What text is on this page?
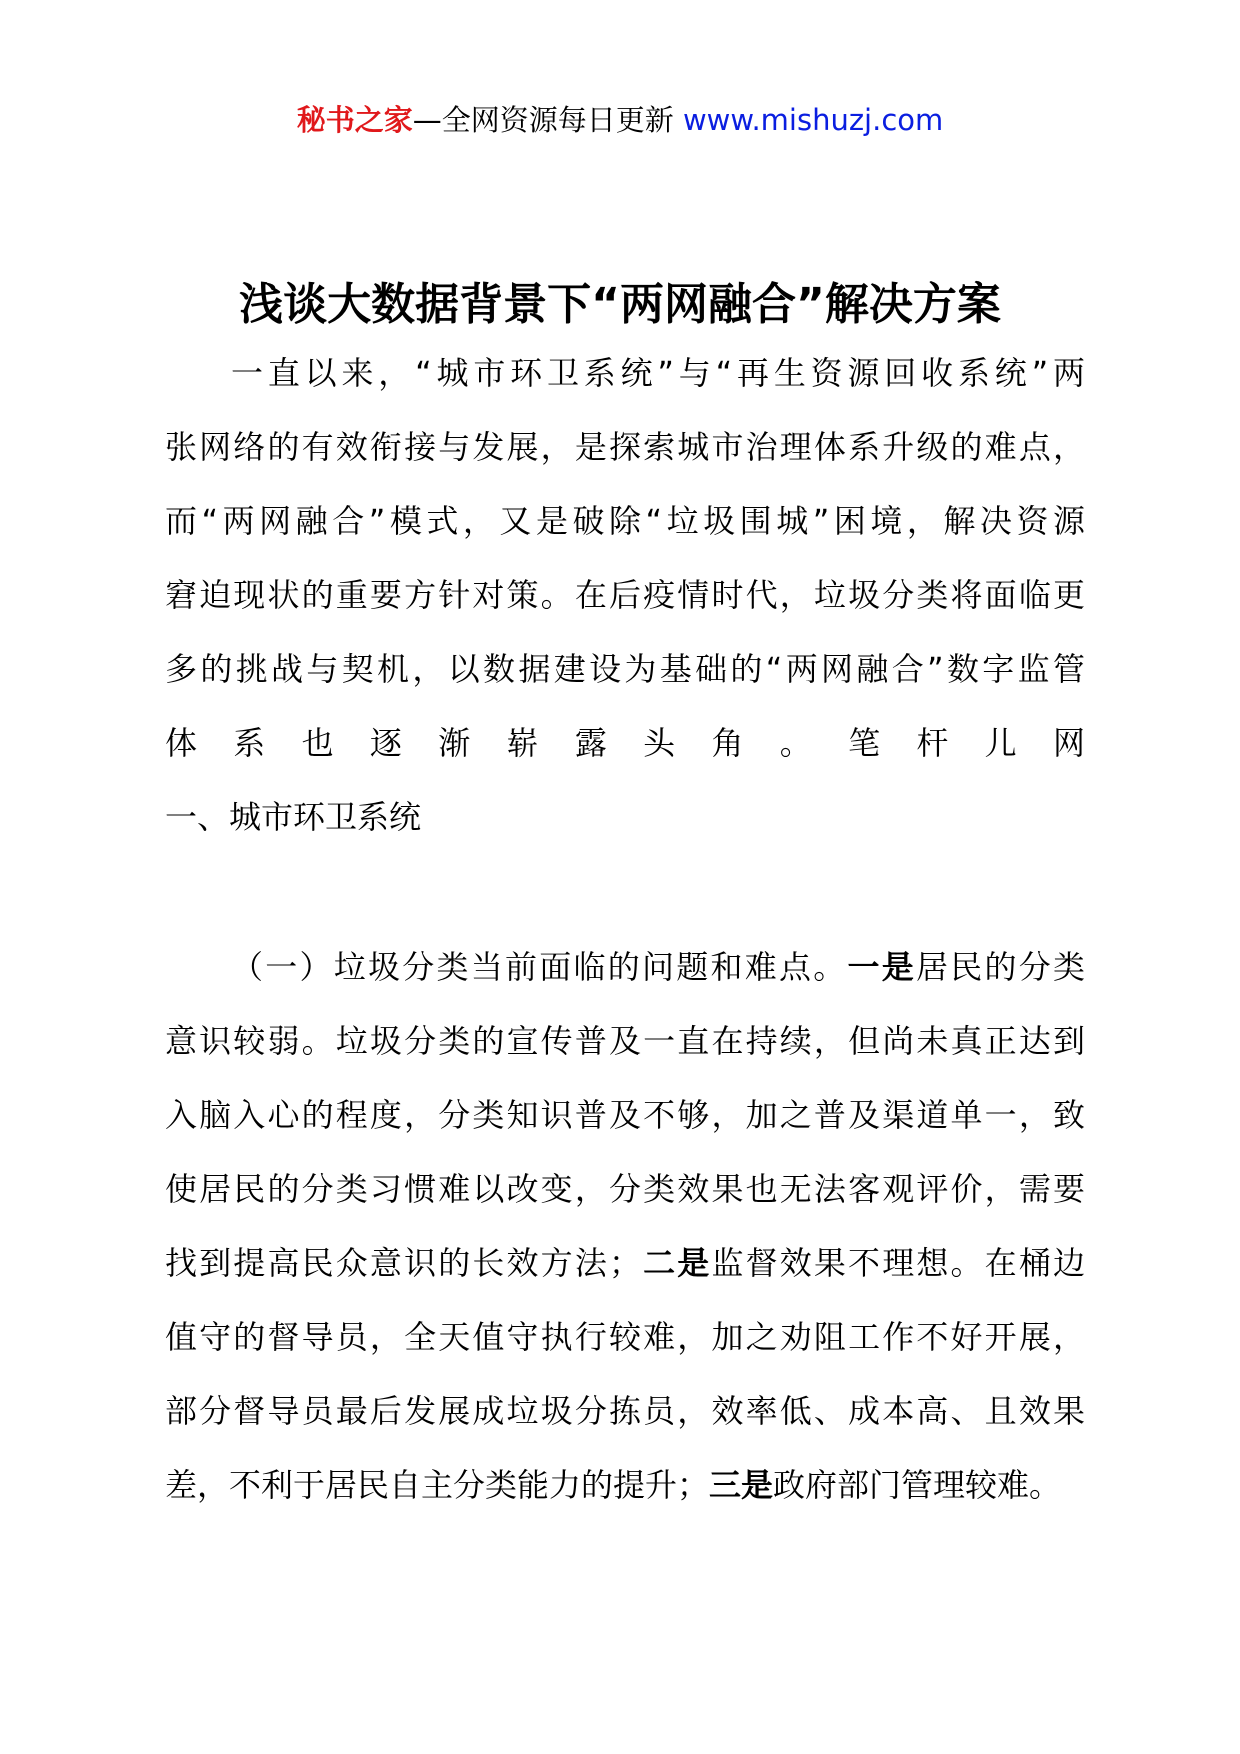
秘书之家—全网资源每日更新 www.mishuzj.com
浅谈大数据背景下“两网融合”解决方案
一直以来，“城市环卫系统”与“再生资源回收系统”两
张网络的有效衔接与发展，是探索城市治理体系升级的难点，
而“两网融合”模式，又是破除“垃圾围城”困境，解决资源
窘迫现状的重要方针对策。在后疫情时代，垃圾分类将面临更
多的挑战与契机，以数据建设为基础的“两网融合”数字监管
体系也逐渐崭露头角。笔杆儿网
一、城市环卫系统
（一）垃圾分类当前面临的问题和难点。一是居民的分类
意识较弱。垃圾分类的宣传普及一直在持续，但尚未真正达到
入脑入心的程度，分类知识普及不够，加之普及渠道单一，致
使居民的分类习惯难以改变，分类效果也无法客观评价，需要
找到提高民众意识的长效方法；二是监督效果不理想。在桶边
值守的督导员，全天值守执行较难，加之劝阻工作不好开展，
部分督导员最后发展成垃圾分拣员，效率低、成本高、且效果
差，不利于居民自主分类能力的提升；三是政府部门管理较难。
